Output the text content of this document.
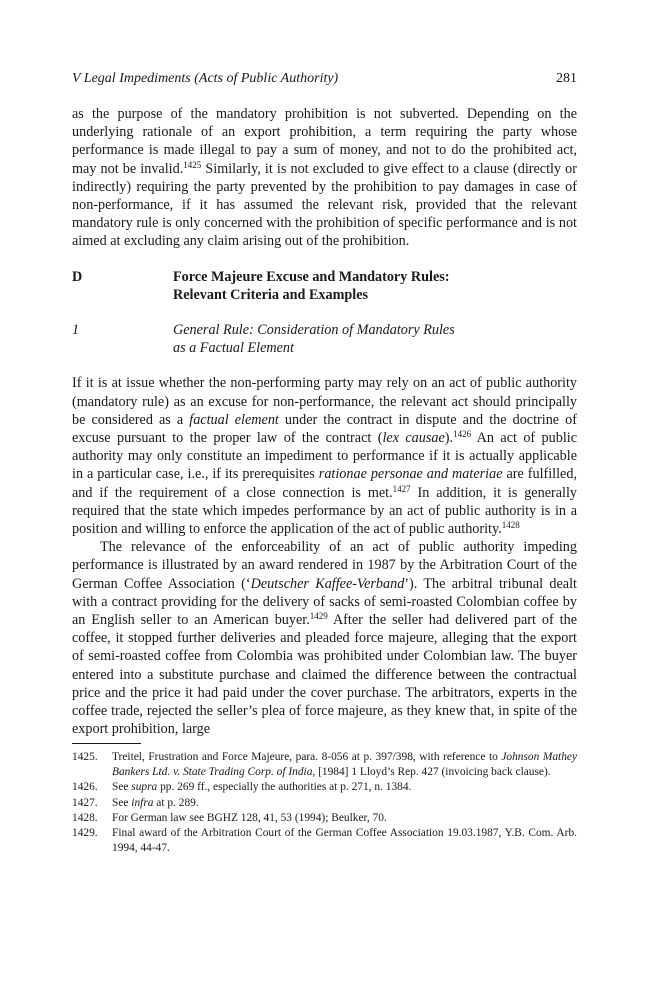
V Legal Impediments (Acts of Public Authority)	281

as the purpose of the mandatory prohibition is not subverted. Depending on the underlying rationale of an export prohibition, a term requiring the party whose performance is made illegal to pay a sum of money, and not to do the prohibited act, may not be invalid.$^{1425}$ Similarly, it is not excluded to give effect to a clause (directly or indirectly) requiring the party prevented by the prohibition to pay damages in case of non-performance, if it has assumed the relevant risk, provided that the relevant mandatory rule is only concerned with the prohibition of specific performance and is not aimed at excluding any claim arising out of the prohibition.

D	Force Majeure Excuse and Mandatory Rules:
Relevant Criteria and Examples
1	General Rule: Consideration of Mandatory Rules
as a Factual Element

If it is at issue whether the non-performing party may rely on an act of public authority (mandatory rule) as an excuse for non-performance, the relevant act should principally be considered as a factual element under the contract in dispute and the doctrine of excuse pursuant to the proper law of the contract (lex causae).$^{1426}$ An act of public authority may only constitute an impediment to performance if it is actually applicable in a particular case, i.e., if its prerequisites rationae personae and materiae are fulfilled, and if the requirement of a close connection is met.$^{1427}$ In addition, it is generally required that the state which impedes performance by an act of public authority is in a position and willing to enforce the application of the act of public authority.$^{1428}$

The relevance of the enforceability of an act of public authority impeding performance is illustrated by an award rendered in 1987 by the Arbitration Court of the German Coffee Association (‘Deutscher Kaffee-Verband’). The arbitral tribunal dealt with a contract providing for the delivery of sacks of semi-roasted Colombian coffee by an English seller to an American buyer.$^{1429}$ After the seller had delivered part of the coffee, it stopped further deliveries and pleaded force majeure, alleging that the export of semi-roasted coffee from Colombia was prohibited under Colombian law. The buyer entered into a substitute purchase and claimed the difference between the contractual price and the price it had paid under the cover purchase. The arbitrators, experts in the coffee trade, rejected the seller’s plea of force majeure, as they knew that, in spite of the export prohibition, large

1425.	Treitel, Frustration and Force Majeure, para. 8-056 at p. 397/398, with reference to Johnson Mathey Bankers Ltd. v. State Trading Corp. of India, [1984] 1 Lloyd’s Rep. 427 (invoicing back clause).
1426.	See supra pp. 269 ff., especially the authorities at p. 271, n. 1384.
1427.	See infra at p. 289.
1428.	For German law see BGHZ 128, 41, 53 (1994); Beulker, 70.
1429.	Final award of the Arbitration Court of the German Coffee Association 19.03.1987, Y.B. Com. Arb. 1994, 44-47.
